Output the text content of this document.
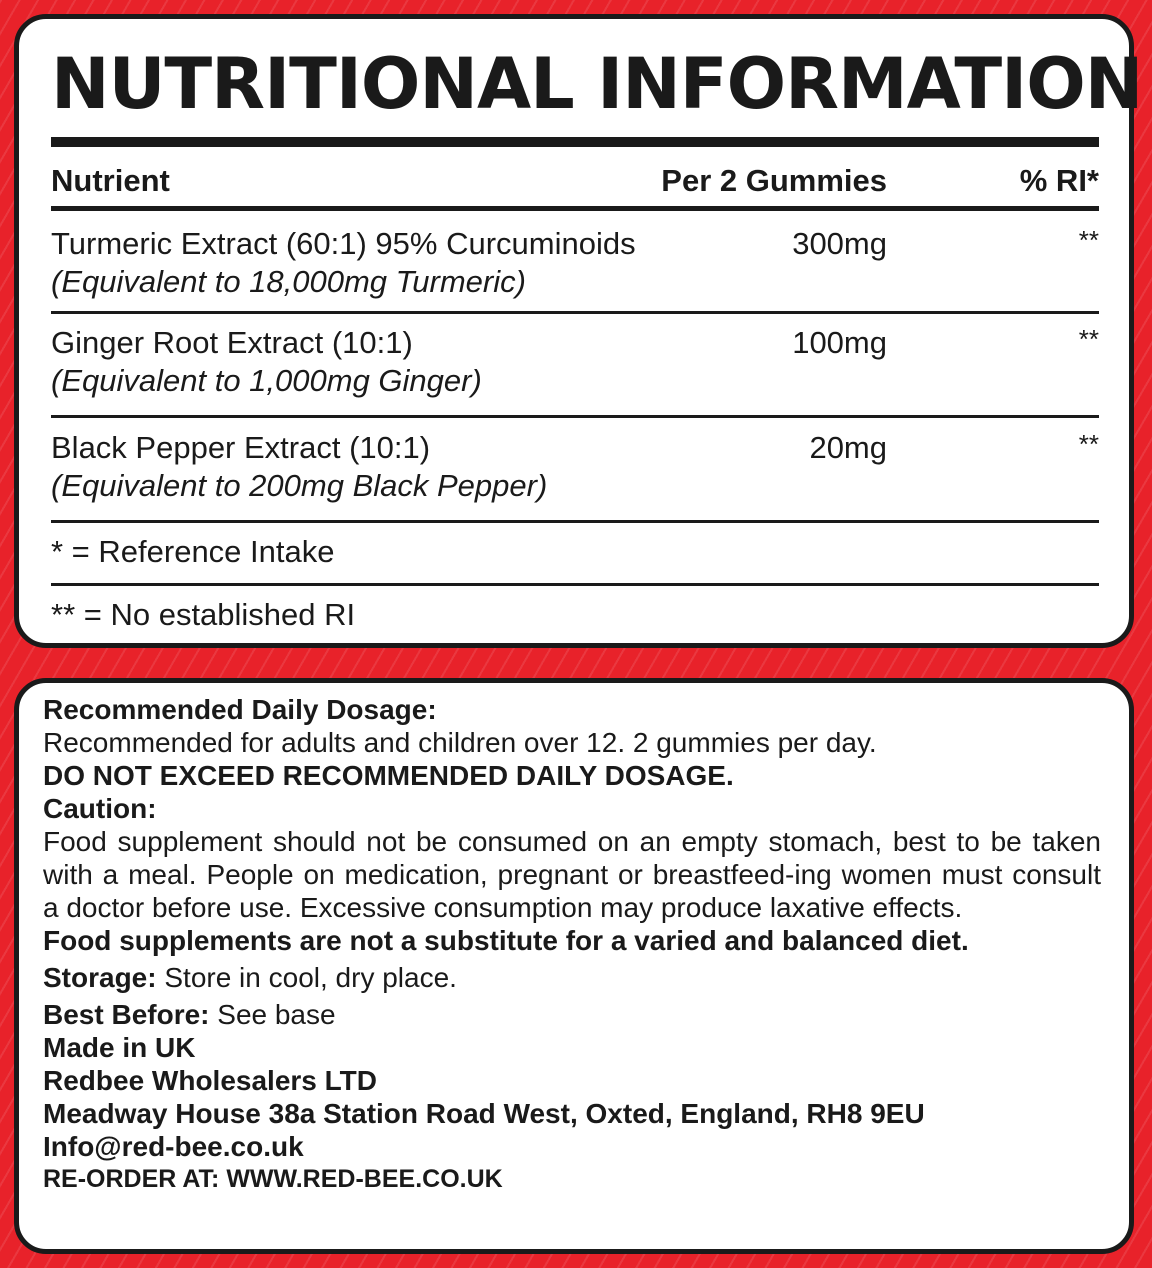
NUTRITIONAL INFORMATION
Nutrient	Per 2 Gummies	% RI*
Turmeric Extract (60:1) 95% Curcuminoids
(Equivalent to 18,000mg Turmeric)
300mg	**
Ginger Root Extract (10:1)
(Equivalent to 1,000mg Ginger)
100mg	**
Black Pepper Extract (10:1)
(Equivalent to 200mg Black Pepper)
20mg	**
* = Reference Intake
** = No established RI
Recommended Daily Dosage:
Recommended for adults and children over 12. 2 gummies per day.
DO NOT EXCEED RECOMMENDED DAILY DOSAGE.
Caution:
Food supplement should not be consumed on an empty stomach, best to be taken with a meal. People on medication, pregnant or breastfeed-ing women must consult a doctor before use. Excessive consumption may produce laxative effects.
Food supplements are not a substitute for a varied and balanced diet.
Storage: Store in cool, dry place.
Best Before: See base
Made in UK
Redbee Wholesalers LTD
Meadway House 38a Station Road West, Oxted, England, RH8 9EU
Info@red-bee.co.uk
RE-ORDER AT: WWW.RED-BEE.CO.UK
